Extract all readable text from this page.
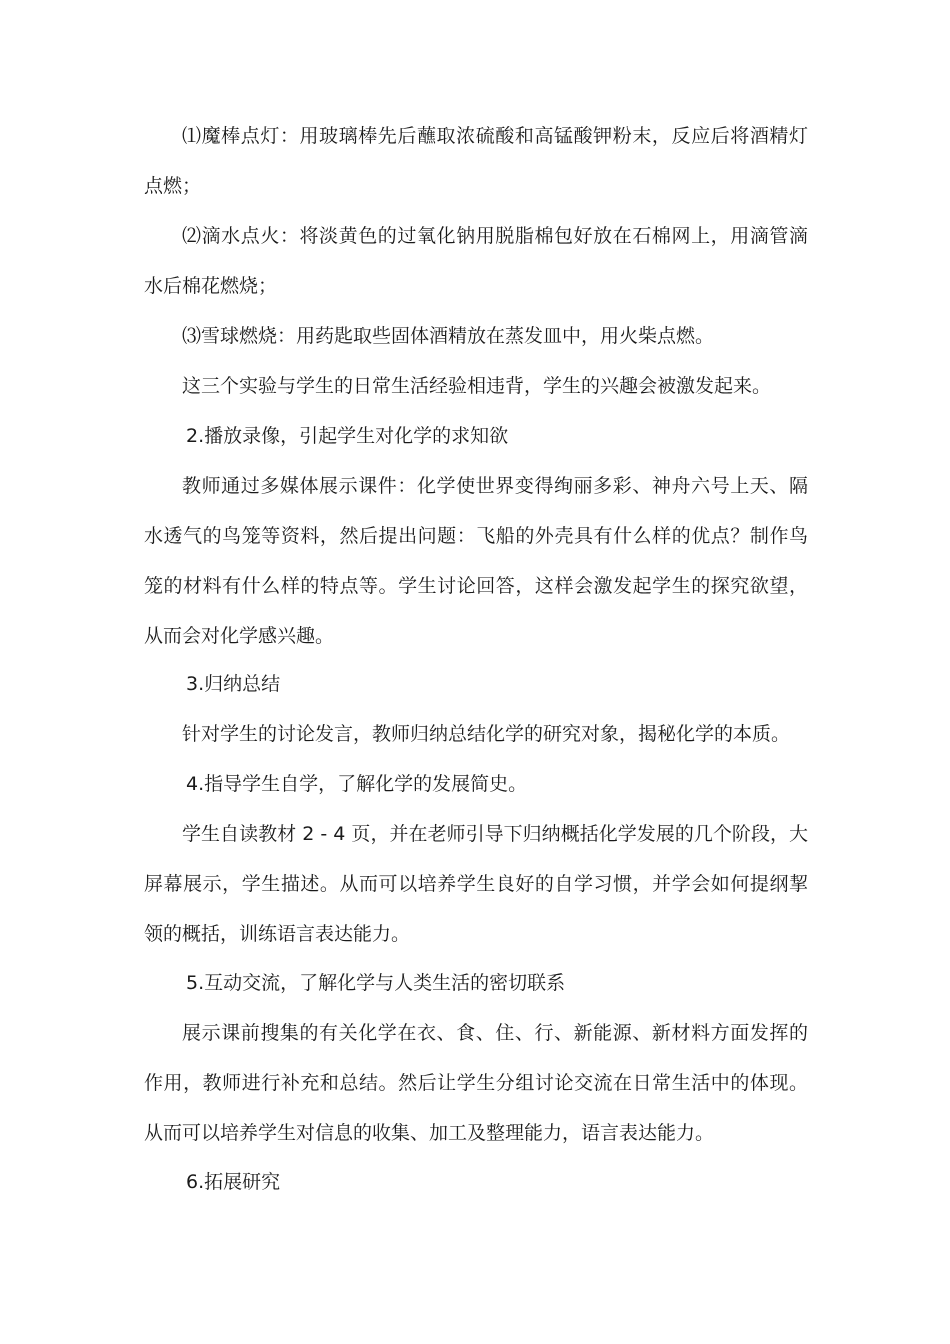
⑴魔棒点灯：用玻璃棒先后蘸取浓硫酸和高锰酸钾粉末，反应后将酒精灯点燃；

⑵滴水点火：将淡黄色的过氧化钠用脱脂棉包好放在石棉网上，用滴管滴水后棉花燃烧；

⑶雪球燃烧：用药匙取些固体酒精放在蒸发皿中，用火柴点燃。

这三个实验与学生的日常生活经验相违背，学生的兴趣会被激发起来。

2.播放录像，引起学生对化学的求知欲

教师通过多媒体展示课件：化学使世界变得绚丽多彩、神舟六号上天、隔水透气的鸟笼等资料，然后提出问题：飞船的外壳具有什么样的优点？制作鸟笼的材料有什么样的特点等。学生讨论回答，这样会激发起学生的探究欲望，从而会对化学感兴趣。

3.归纳总结

针对学生的讨论发言，教师归纳总结化学的研究对象，揭秘化学的本质。

4.指导学生自学，了解化学的发展简史。

学生自读教材 2 - 4 页，并在老师引导下归纳概括化学发展的几个阶段，大屏幕展示，学生描述。从而可以培养学生良好的自学习惯，并学会如何提纲挈领的概括，训练语言表达能力。

5.互动交流，了解化学与人类生活的密切联系

展示课前搜集的有关化学在衣、食、住、行、新能源、新材料方面发挥的作用，教师进行补充和总结。然后让学生分组讨论交流在日常生活中的体现。从而可以培养学生对信息的收集、加工及整理能力，语言表达能力。

6.拓展研究
